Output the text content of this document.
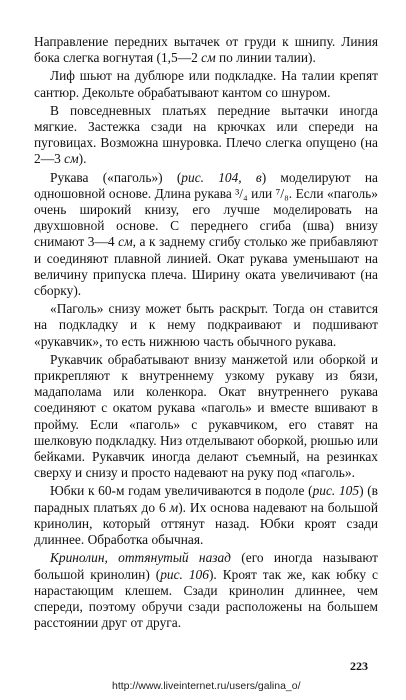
Направление передних вытачек от груди к шнипу. Линия бока слегка вогнутая (1,5—2 см по линии талии).

Лиф шьют на дублюре или подкладке. На талии крепят сантюр. Декольте обрабатывают кантом со шнуром.

В повседневных платьях передние вытачки иногда мягкие. Застежка сзади на крючках или спереди на пуговицах. Возможна шнуровка. Плечо слегка опущено (на 2—3 см).

Рукава («паголь») (рис. 104, в) моделируют на одношовной основе. Длина рукава ³/₄ или ⁷/₈. Если «паголь» очень широкий книзу, его лучше моделировать на двухшовной основе. С переднего сгиба (шва) внизу снимают 3—4 см, а к заднему сгибу столько же прибавляют и соединяют плавной линией. Окат рукава уменьшают на величину припуска плеча. Ширину оката увеличивают (на сборку).

«Паголь» снизу может быть раскрыт. Тогда он ставится на подкладку и к нему подкраивают и подшивают «рукавчик», то есть нижнюю часть обычного рукава.

Рукавчик обрабатывают внизу манжетой или оборкой и прикрепляют к внутреннему узкому рукаву из бязи, мадаполама или коленкора. Окат внутреннего рукава соединяют с окатом рукава «паголь» и вместе вшивают в пройму. Если «паголь» с рукавчиком, его ставят на шелковую подкладку. Низ отделывают оборкой, рюшью или бейками. Рукавчик иногда делают съемный, на резинках сверху и снизу и просто надевают на руку под «паголь».

Юбки к 60-м годам увеличиваются в подоле (рис. 105) (в парадных платьях до 6 м). Их основа надевают на большой кринолин, который оттянут назад. Юбки кроят сзади длиннее. Обработка обычная.

Кринолин, оттянутый назад (его иногда называют большой кринолин) (рис. 106). Кроят так же, как юбку с нарастающим клешем. Сзади кринолин длиннее, чем спереди, поэтому обручи сзади расположены на большем расстоянии друг от друга.

223
http://www.liveinternet.ru/users/galina_o/
